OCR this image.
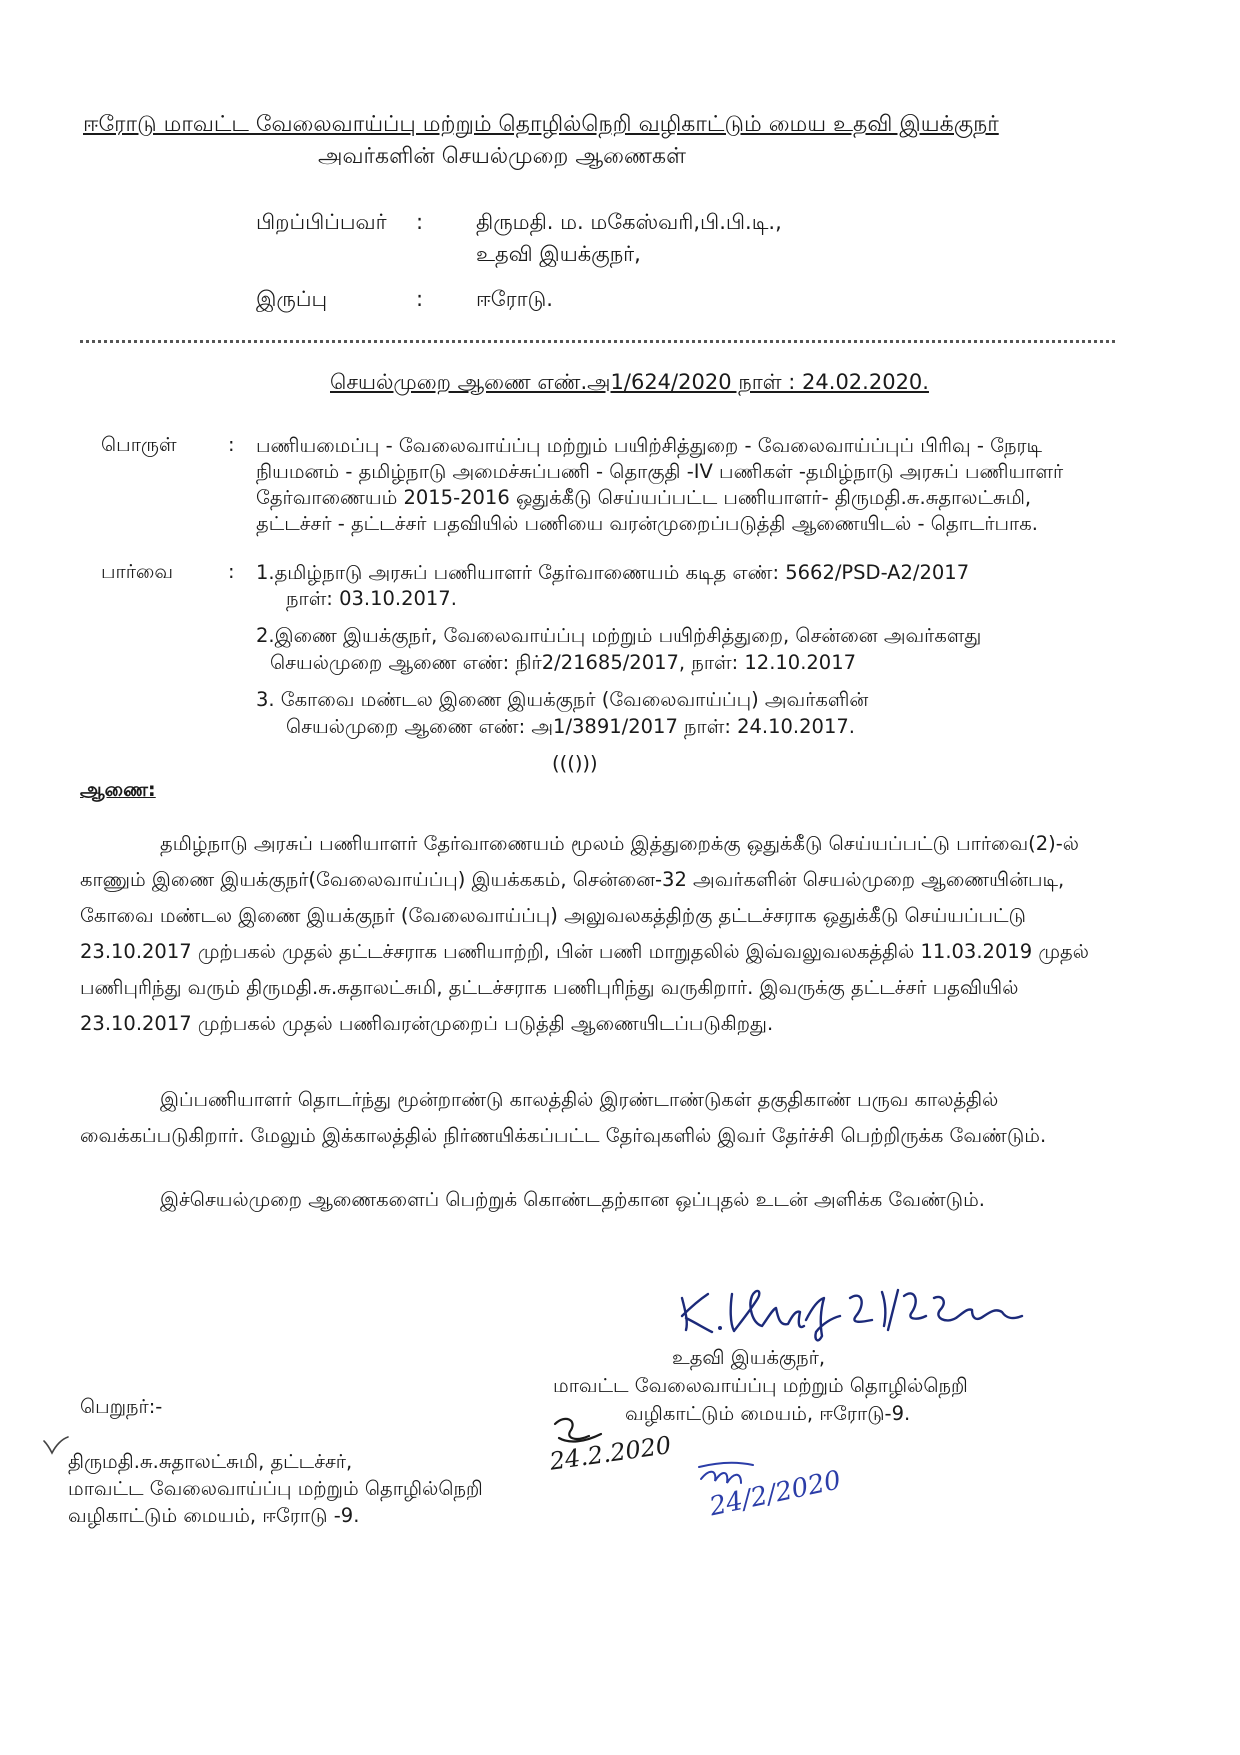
ஈரோடு மாவட்ட வேலைவாய்ப்பு மற்றும் தொழில்நெறி வழிகாட்டும் மைய உதவி இயக்குநர்
அவர்களின் செயல்முறை ஆணைகள்
பிறப்பிப்பவர் :	திருமதி. ம. மகேஸ்வரி,பி.பி.டி.,
உதவி இயக்குநர்,
இருப்பு	:	ஈரோடு.
செயல்முறை ஆணை எண்.அ1/624/2020 நாள் : 24.02.2020.
பொருள்	: பணியமைப்பு - வேலைவாய்ப்பு மற்றும் பயிற்சித்துறை - வேலைவாய்ப்புப் பிரிவு - நேரடி
நியமனம் - தமிழ்நாடு அமைச்சுப்பணி - தொகுதி -IV பணிகள் -தமிழ்நாடு அரசுப் பணியாளர்
தேர்வாணையம் 2015-2016 ஒதுக்கீடு செய்யப்பட்ட பணியாளர்- திருமதி.சு.சுதாலட்சுமி,
தட்டச்சர் - தட்டச்சர் பதவியில் பணியை வரன்முறைப்படுத்தி ஆணையிடல் - தொடர்பாக.
பார்வை	: 1.தமிழ்நாடு அரசுப் பணியாளர் தேர்வாணையம் கடித எண்: 5662/PSD-A2/2017
நாள்: 03.10.2017.
2.இணை இயக்குநர், வேலைவாய்ப்பு மற்றும் பயிற்சித்துறை, சென்னை அவர்களது
செயல்முறை ஆணை எண்: நிர்2/21685/2017, நாள்: 12.10.2017
3. கோவை மண்டல இணை இயக்குநர் (வேலைவாய்ப்பு) அவர்களின்
செயல்முறை ஆணை எண்: அ1/3891/2017 நாள்: 24.10.2017.
((()))
ஆணை:
தமிழ்நாடு அரசுப் பணியாளர் தேர்வாணையம் மூலம் இத்துறைக்கு ஒதுக்கீடு செய்யப்பட்டு பார்வை(2)-ல்
காணும் இணை இயக்குநர்(வேலைவாய்ப்பு) இயக்ககம், சென்னை-32 அவர்களின் செயல்முறை ஆணையின்படி,
கோவை மண்டல இணை இயக்குநர் (வேலைவாய்ப்பு) அலுவலகத்திற்கு தட்டச்சராக ஒதுக்கீடு செய்யப்பட்டு
23.10.2017 முற்பகல் முதல் தட்டச்சராக பணியாற்றி, பின் பணி மாறுதலில் இவ்வலுவலகத்தில் 11.03.2019 முதல்
பணிபுரிந்து வரும் திருமதி.சு.சுதாலட்சுமி, தட்டச்சராக பணிபுரிந்து வருகிறார். இவருக்கு தட்டச்சர் பதவியில்
23.10.2017 முற்பகல் முதல் பணிவரன்முறைப் படுத்தி ஆணையிடப்படுகிறது.
இப்பணியாளர் தொடர்ந்து மூன்றாண்டு காலத்தில் இரண்டாண்டுகள் தகுதிகாண் பருவ காலத்தில்
வைக்கப்படுகிறார். மேலும் இக்காலத்தில் நிர்ணயிக்கப்பட்ட தேர்வுகளில் இவர் தேர்ச்சி பெற்றிருக்க வேண்டும்.
இச்செயல்முறை ஆணைகளைப் பெற்றுக் கொண்டதற்கான ஒப்புதல் உடன் அளிக்க வேண்டும்.
உதவி இயக்குநர்,
மாவட்ட வேலைவாய்ப்பு மற்றும் தொழில்நெறி
வழிகாட்டும் மையம், ஈரோடு-9.
24.2.2020
24/2/2020
பெறுநர்:-
திருமதி.சு.சுதாலட்சுமி, தட்டச்சர்,
மாவட்ட வேலைவாய்ப்பு மற்றும் தொழில்நெறி
வழிகாட்டும் மையம், ஈரோடு -9.
